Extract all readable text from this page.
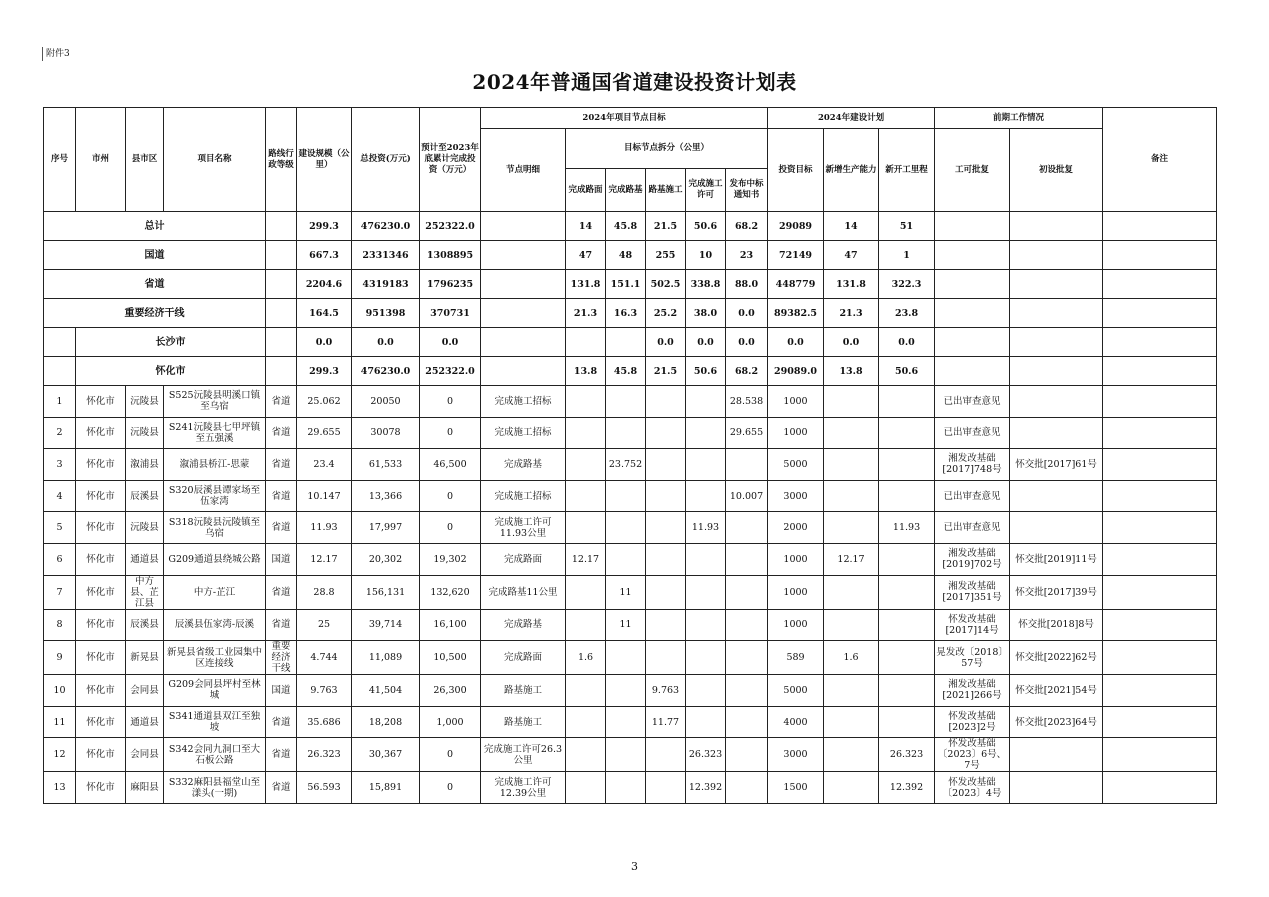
附件3
2024年普通国省道建设投资计划表
序号	市州	县市区	项目名称	路线行政等级	建设规模（公里）	总投资(万元)	预计至2023年底累计完成投资（万元）	2024年项目节点目标						2024年建设计划			前期工作情况		备注
								节点明细	目标节点拆分（公里）					投资目标	新增生产能力	新开工里程	工可批复	初设批复	
									完成路面	完成路基	路基施工	完成施工许可	发布中标通知书						
总计					299.3	476230.0	252322.0		14	45.8	21.5	50.6	68.2	29089	14	51			
国道					667.3	2331346	1308895		47	48	255	10	23	72149	47	1			
省道					2204.6	4319183	1796235		131.8	151.1	502.5	338.8	88.0	448779	131.8	322.3			
重要经济干线					164.5	951398	370731		21.3	16.3	25.2	38.0	0.0	89382.5	21.3	23.8			
	长沙市				0.0	0.0	0.0				0.0	0.0	0.0	0.0	0.0	0.0			
	怀化市				299.3	476230.0	252322.0		13.8	45.8	21.5	50.6	68.2	29089.0	13.8	50.6			
1	怀化市	沅陵县	S525沅陵县明溪口镇至乌宿	省道	25.062	20050	0	完成施工招标					28.538	1000			已出审查意见		
2	怀化市	沅陵县	S241沅陵县七甲坪镇至五强溪	省道	29.655	30078	0	完成施工招标					29.655	1000			已出审查意见		
3	怀化市	溆浦县	溆浦县桥江-思蒙	省道	23.4	61,533	46,500	完成路基		23.752				5000			湘发改基础[2017]748号	怀交批[2017]61号	
4	怀化市	辰溪县	S320辰溪县谭家场至伍家湾	省道	10.147	13,366	0	完成施工招标					10.007	3000			已出审查意见		
5	怀化市	沅陵县	S318沅陵县沅陵镇至乌宿	省道	11.93	17,997	0	完成施工许可11.93公里				11.93		2000		11.93	已出审查意见		
6	怀化市	通道县	G209通道县绕城公路	国道	12.17	20,302	19,302	完成路面	12.17					1000	12.17		湘发改基础[2019]702号	怀交批[2019]11号	
7	怀化市	中方县、芷江县	中方-芷江	省道	28.8	156,131	132,620	完成路基11公里		11				1000			湘发改基础[2017]351号	怀交批[2017]39号	
8	怀化市	辰溪县	辰溪县伍家湾-辰溪	省道	25	39,714	16,100	完成路基		11				1000			怀发改基础[2017]14号	怀交批[2018]8号	
9	怀化市	新晃县	新晃县省级工业园集中区连接线	重要经济干线	4.744	11,089	10,500	完成路面	1.6					589	1.6		晃发改〔2018〕57号	怀交批[2022]62号	
10	怀化市	会同县	G209会同县坪村至林城	国道	9.763	41,504	26,300	路基施工			9.763			5000			湘发改基础[2021]266号	怀交批[2021]54号	
11	怀化市	通道县	S341通道县双江至独坡	省道	35.686	18,208	1,000	路基施工			11.77			4000			怀发改基础[2023]2号	怀交批[2023]64号	
12	怀化市	会同县	S342会同九洞口至大石板公路	省道	26.323	30,367	0	完成施工许可26.3公里				26.323		3000		26.323	怀发改基础〔2023〕6号、7号		
13	怀化市	麻阳县	S332麻阳县福堂山至漾头(一期)	省道	56.593	15,891	0	完成施工许可12.39公里				12.392		1500		12.392	怀发改基础〔2023〕4号		
3
